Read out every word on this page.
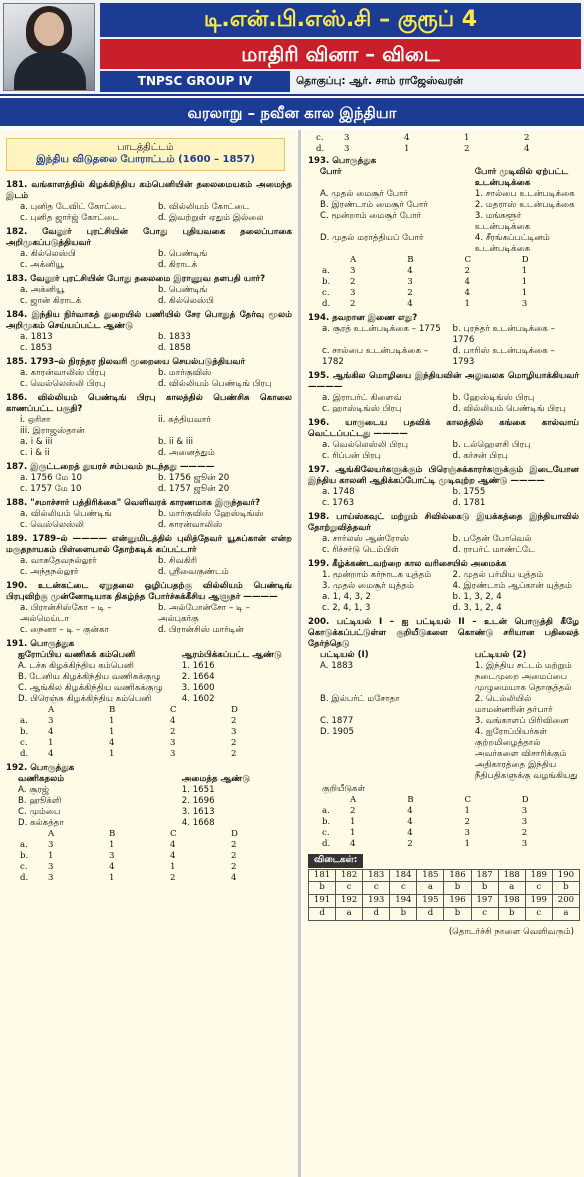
டி.என்.பி.எஸ்.சி – குரூப் 4
மாதிரி வினா – விடை
TNPSC GROUP IV	தொகுப்பு: ஆர். சாம் ராஜேஸ்வரன்
வரலாறு – நவீன கால இந்தியா
பாடத்திட்டம்
இந்திய விடுதலை போராட்டம் (1600 – 1857)
181. வங்காளத்தில் கிழக்கிந்திய கம்பெனியின் தலைமையகம் அமைந்த இடம்
a. புனித டேவிட் கோட்டை	b. வில்லியம் கோட்டை
c. புனித ஜார்ஜ் கோட்டை	d. இவற்றுள் ஏதும் இல்லை
182. வேலூர் புரட்சியின் போது புதியவகை தலைப்பாகை அறிமுகப்படுத்தியவர்
a. கில்லெஸ்பி	b. பெண்டிங்
c. அக்னியூ	d. கிராடக்
183. வேலூர் புரட்சியின் போது தலைமை இராணுவ தளபதி யார்?
a. அக்னியூ	b. பெண்டிங்
c. ஜான் கிராடக்	d. கில்லெஸ்பி
184. இந்திய நிர்வாகத் துறையில் பணியில் சேர பொதுத் தேர்வு மூலம் அறிமுகம் செய்யப்பட்ட ஆண்டு
a. 1813	b. 1833
c. 1853	d. 1858
185. 1793–ல் நிரந்தர நிலவரி முறையை செயல்படுத்தியவர்
a. காரன்வாலிஸ் பிரபு	b. மார்குவிஸ்
c. வெல்லெஸ்லி பிரபு	d. வில்லியம் பெண்டிங் பிரபு
186. வில்லியம் பெண்டிங் பிரபு காலத்தில் பெண்சிசு கொலை காணப்பட்ட பகுதி?
i. ஒரிசா	ii. கத்தியவார்
iii. இராஜஸ்தான்
a. i & iii	b. ii & iii
c. i & ii	d. அனைத்தும்
187. இருட்டறைத் துயரச் சம்பவம் நடந்தது ————
a. 1756 மே 10	b. 1756 ஜூன் 20
c. 1757 மே 10	d. 1757 ஜூன் 20
188. "சமாச்சார் பத்திரிக்கை" வெளிவரக் காரணமாக இருந்தவர்?
a. வில்லியம் பெண்டிங்	b. மார்குவிஸ் ஹேஸ்டிங்ஸ்
c. வெல்லெஸ்லி	d. காரன்வாலிஸ்
189. 1789–ல் ———— என்னுமிடத்தில் புலித்தேவர் யூசுப்கான் என்ற மருதநாயகம் பிள்ளையால் தோற்கடிக் கப்பட்டார்
a. வாசுதேவநல்லூர்	b. சிவகிரி
c. அந்தநல்லூர்	d. ஸ்ரீவைகுண்டம்
190. உடன்கட்டை ஏறுதலை ஒழிப்பதற்கு வில்லியம் பெண்டிங் பிரபுவிற்கு முன்னோடியாக திகழ்ந்த போர்ச்சுக்கீசிய ஆளுநர் ————
a. பிரான்சிஸ்கோ – டி – அல்மெய்டா
b. அல்போன்சோ – டி – அல்புகர்கு
c. நைனா – டி – குன்கா	d. பிரான்சிஸ் மார்டின்
191. பொருத்துக
ஐரோப்பிய வணிகக் கம்பெனி	ஆரம்பிக்கப்பட்ட ஆண்டு
A. டச்சு கிழக்கிந்திய கம்பெனி	1. 1616
B. டேனிய கிழக்கிந்திய வணிகக்குழு	2. 1664
C. ஆங்கில கிழக்கிந்திய வணிகக்குழு	3. 1600
D. பிரெஞ்சு கிழக்கிந்திய கம்பெனி	4. 1602
A	B	C	D
a.	3	1	4	2
b.	4	1	2	3
c.	1	4	3	2
d.	4	1	3	2
192. பொருத்துக
வணிகதலம்	அமைத்த ஆண்டு
A. சூரஜ்	1. 1651
B. ஹூக்ளி	2. 1696
C. மும்பை	3. 1613
D. கல்கத்தா	4. 1668
A	B	C	D
a.	3	1	4	2
b.	1	3	4	2
c.	3	4	1	2
d.	3	1	2	4
c.	3	4	1	2
d.	3	1	2	4
193. பொருத்துக
போர்	போர் முடிவில் ஏற்பட்ட உடன்படிக்கை
A. முதல் மைசூர் போர்	1. சால்பை உடன்படிக்கை
B. இரண்டாம் மைசூர் போர்	2. மதராஸ் உடன்படிக்கை
C. மூன்றாம் மைசூர் போர்	3. மங்களூர் உடன்படிக்கை
D. முதல் மராத்தியப் போர்	4. சீரங்கப்பட்டினம் உடன்படிக்கை
A	B	C	D
a.	3	4	2	1
b.	2	3	4	1
c.	3	2	4	1
d.	2	4	1	3
194. தவறான இணை எது?
a. சூரத் உடன்படிக்கை – 1775	b. புரந்தர் உடன்படிக்கை – 1776
c. சால்பை உடன்படிக்கை – 1782
d. பாரிஸ் உடன்படிக்கை – 1793
195. ஆங்கில மொழியை இந்தியவின் அலுவலக மொழியாக்கியவர் ————
a. இராபர்ட் கிளைவ்	b. ஹேஸ்டிங்ஸ் பிரபு
c. ஹாஸ்டிங்ஸ் பிரபு	d. வில்லியம் பெண்டிங் பிரபு
196. யாருடைய பதவிக் காலத்தில் கங்கை கால்வாய் வெட்டப்பட்டது ————
a. வெல்லெஸ்லி பிரபு	b. டல்ஹௌசி பிரபு
c. ரிப்பன் பிரபு	d. கர்சன் பிரபு
197. ஆங்கிலேயர்களுக்கும் பிரெஞ்சுக்காரர்களுக்கும் இடையோன இந்திய காலனி ஆதிக்கப்போட்டி முடிவுற்ற ஆண்டு ————
a. 1748	b. 1755
c. 1763	d. 1781
198. பாய்ஸ்கவுட் மற்றும் சிவில்கைடு இயக்கத்தை இந்தியாவில் தோற்றுவித்தவர்
a. சார்லஸ் ஆன்ரோஸ்	b. பதேன் போவெல்
c. ரிச்சர்டு டெம்பிள்	d. ராபர்ட் மாண்ட்டே
199. கீழ்க்கண்டவற்றை கால வரிசையில் அமைக்க
1. மூன்றாம் கர்நாடக யுத்தம்	2. முதல் பர்மிய யுத்தம்
3. முதல் மைசூர் யுத்தம்	4. இரண்டாம் ஆப்கான் யுத்தம்
a. 1, 4, 3, 2	b. 1, 3, 2, 4
c. 2, 4, 1, 3	d. 3, 1, 2, 4
200. பட்டியல் I – ஐ பட்டியல் II – உடன் பொருத்தி கீழே கொடுக்கப்பட்டுள்ள குறியீடுகளை கொண்டு சரியான பதிலைத் தேர்ந்தெடு
பட்டியல் (I)	பட்டியல் (2)
A. 1883	1. இந்திய சட்டம் மற்றும் நடைமுறை அமைப்பை முழுமையாக தொகுத்தல்
B. இல்பர்ட் மசோதா	2. டெல்லியில் மாமன்னரின் தர்பார்
C. 1877	3. வங்காளப் பிரிவினை
D. 1905	4. ஐரோப்பியர்கள் குற்றமிழைத்தால் அவர்களை விசாரிக்கும் அதிகாரத்தை இந்திய நீதிபதிகளுக்கு வழங்கியது
குறியீடுகள்
A	B	C	D
a.	2	4	1	3
b.	1	4	2	3
c.	1	4	3	2
d.	4	2	1	3
விடைகள்:
181	182	183	184	185	186	187	188	189	190
b	c	c	c	a	b	b	a	c	b
191	192	193	194	195	196	197	198	199	200
d	a	d	b	d	b	c	b	c	a
(தொடர்ச்சி நாளை வெளிவரும்)
